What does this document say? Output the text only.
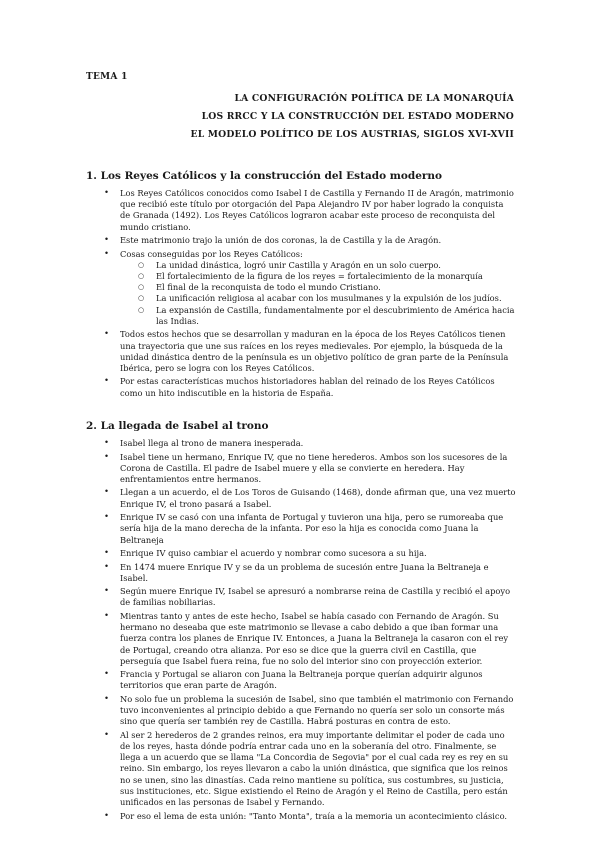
TEMA 1
LA CONFIGURACIÓN POLÍTICA DE LA MONARQUÍA
LOS RRCC Y LA CONSTRUCCIÓN DEL ESTADO MODERNO
EL MODELO POLÍTICO DE LOS AUSTRIAS, SIGLOS XVI-XVII
1. Los Reyes Católicos y la construcción del Estado moderno
• Los Reyes Católicos conocidos como Isabel I de Castilla y Fernando II de Aragón, matrimonio que recibió este título por otorgación del Papa Alejandro IV por haber logrado la conquista de Granada (1492). Los Reyes Católicos lograron acabar este proceso de reconquista del mundo cristiano.
• Este matrimonio trajo la unión de dos coronas, la de Castilla y la de Aragón.
• Cosas conseguidas por los Reyes Católicos:
○ La unidad dinástica, logró unir Castilla y Aragón en un solo cuerpo.
○ El fortalecimiento de la figura de los reyes = fortalecimiento de la monarquía
○ El final de la reconquista de todo el mundo Cristiano.
○ La unificación religiosa al acabar con los musulmanes y la expulsión de los judíos.
○ La expansión de Castilla, fundamentalmente por el descubrimiento de América hacia las Indias.
• Todos estos hechos que se desarrollan y maduran en la época de los Reyes Católicos tienen una trayectoria que une sus raíces en los reyes medievales. Por ejemplo, la búsqueda de la unidad dinástica dentro de la península es un objetivo político de gran parte de la Península Ibérica, pero se logra con los Reyes Católicos.
• Por estas características muchos historiadores hablan del reinado de los Reyes Católicos como un hito indiscutible en la historia de España.
2. La llegada de Isabel al trono
• Isabel llega al trono de manera inesperada.
• Isabel tiene un hermano, Enrique IV, que no tiene herederos. Ambos son los sucesores de la Corona de Castilla. El padre de Isabel muere y ella se convierte en heredera. Hay enfrentamientos entre hermanos.
• Llegan a un acuerdo, el de Los Toros de Guisando (1468), donde afirman que, una vez muerto Enrique IV, el trono pasará a Isabel.
• Enrique IV se casó con una infanta de Portugal y tuvieron una hija, pero se rumoreaba que sería hija de la mano derecha de la infanta. Por eso la hija es conocida como Juana la Beltraneja
• Enrique IV quiso cambiar el acuerdo y nombrar como sucesora a su hija.
• En 1474 muere Enrique IV y se da un problema de sucesión entre Juana la Beltraneja e Isabel.
• Según muere Enrique IV, Isabel se apresuró a nombrarse reina de Castilla y recibió el apoyo de familias nobiliarias.
• Mientras tanto y antes de este hecho, Isabel se había casado con Fernando de Aragón. Su hermano no deseaba que este matrimonio se llevase a cabo debido a que iban formar una fuerza contra los planes de Enrique IV. Entonces, a Juana la Beltraneja la casaron con el rey de Portugal, creando otra alianza. Por eso se dice que la guerra civil en Castilla, que perseguía que Isabel fuera reina, fue no solo del interior sino con proyección exterior.
• Francia y Portugal se aliaron con Juana la Beltraneja porque querían adquirir algunos territorios que eran parte de Aragón.
• No solo fue un problema la sucesión de Isabel, sino que también el matrimonio con Fernando tuvo inconvenientes al principio debido a que Fernando no quería ser solo un consorte más sino que quería ser también rey de Castilla. Habrá posturas en contra de esto.
• Al ser 2 herederos de 2 grandes reinos, era muy importante delimitar el poder de cada uno de los reyes, hasta dónde podría entrar cada uno en la soberanía del otro. Finalmente, se llega a un acuerdo que se llama "La Concordia de Segovia" por el cual cada rey es rey en su reino. Sin embargo, los reyes llevaron a cabo la unión dinástica, que significa que los reinos no se unen, sino las dinastías. Cada reino mantiene su política, sus costumbres, su justicia, sus instituciones, etc. Sigue existiendo el Reino de Aragón y el Reino de Castilla, pero están unificados en las personas de Isabel y Fernando.
• Por eso el lema de esta unión: "Tanto Monta", traía a la memoria un acontecimiento clásico.
